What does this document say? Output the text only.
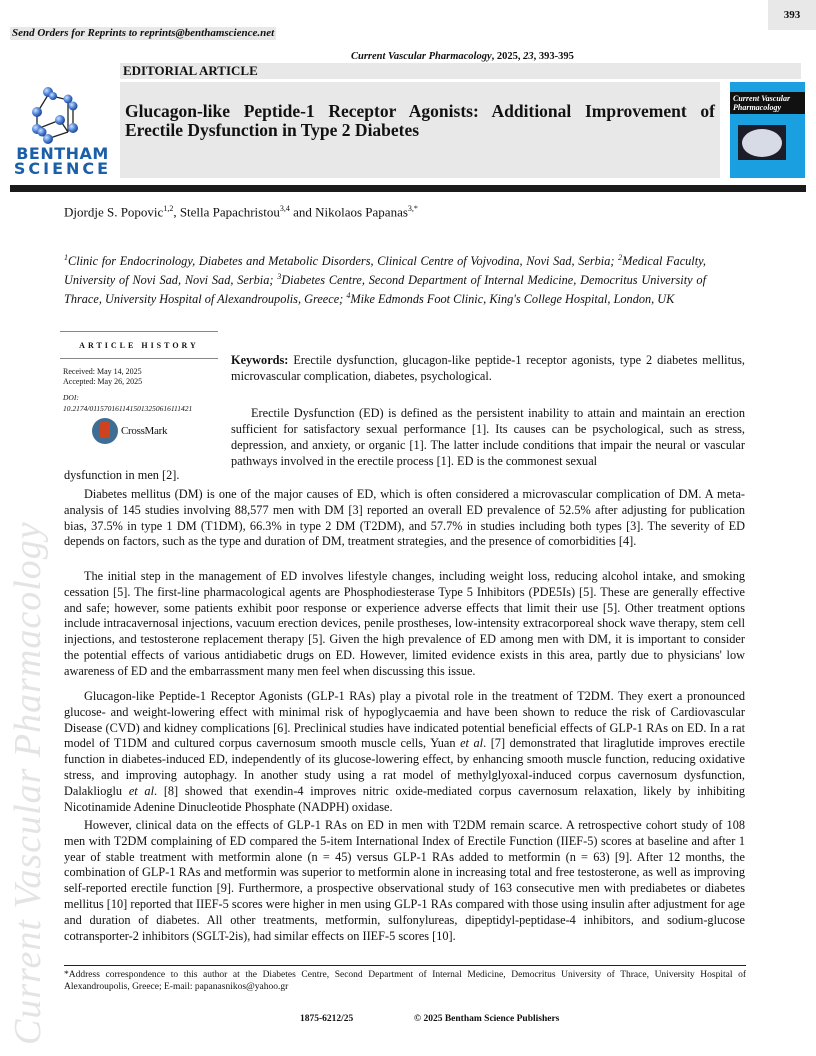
393
Send Orders for Reprints to reprints@benthamscience.net
Current Vascular Pharmacology, 2025, 23, 393-395
EDITORIAL ARTICLE
BENTHAM
SCIENCE
Glucagon-like Peptide-1 Receptor Agonists: Additional Improvement of Erectile Dysfunction in Type 2 Diabetes
Current Vascular Pharmacology
Djordje S. Popovic$^{1,2}$, Stella Papachristou$^{3,4}$ and Nikolaos Papanas$^{3,*}$
$^1$Clinic for Endocrinology, Diabetes and Metabolic Disorders, Clinical Centre of Vojvodina, Novi Sad, Serbia; $^2$Medical Faculty, University of Novi Sad, Novi Sad, Serbia; $^3$Diabetes Centre, Second Department of Internal Medicine, Democritus University of Thrace, University Hospital of Alexandroupolis, Greece; $^4$Mike Edmonds Foot Clinic, King's College Hospital, London, UK
ARTICLE HISTORY
Received: May 14, 2025
Accepted: May 26, 2025
DOI:
10.2174/0115701611415013250616111421
CrossMark
Keywords: Erectile dysfunction, glucagon-like peptide-1 receptor agonists, type 2 diabetes mellitus, microvascular complication, diabetes, psychological.
Erectile Dysfunction (ED) is defined as the persistent inability to attain and maintain an erection sufficient for satisfactory sexual performance [1]. Its causes can be psychological, such as stress, depression, and anxiety, or organic [1]. The latter include conditions that impair the neural or vascular pathways involved in the erectile process [1]. ED is the commonest sexual
dysfunction in men [2].

Diabetes mellitus (DM) is one of the major causes of ED, which is often considered a microvascular complication of DM. A meta-analysis of 145 studies involving 88,577 men with DM [3] reported an overall ED prevalence of 52.5% after adjusting for publication bias, 37.5% in type 1 DM (T1DM), 66.3% in type 2 DM (T2DM), and 57.7% in studies including both types [3]. The severity of ED depends on factors, such as the type and duration of DM, treatment strategies, and the presence of comorbidities [4].

The initial step in the management of ED involves lifestyle changes, including weight loss, reducing alcohol intake, and smoking cessation [5]. The first-line pharmacological agents are Phosphodiesterase Type 5 Inhibitors (PDE5Is) [5]. These are generally effective and safe; however, some patients exhibit poor response or experience adverse effects that limit their use [5]. Other treatment options include intracavernosal injections, vacuum erection devices, penile prostheses, low-intensity extracorporeal shock wave therapy, stem cell injections, and testosterone replacement therapy [5]. Given the high prevalence of ED among men with DM, it is important to consider the potential effects of various antidiabetic drugs on ED. However, limited evidence exists in this area, partly due to physicians' low awareness of ED and the embarrassment many men feel when discussing this issue.

Glucagon-like Peptide-1 Receptor Agonists (GLP-1 RAs) play a pivotal role in the treatment of T2DM. They exert a pronounced glucose- and weight-lowering effect with minimal risk of hypoglycaemia and have been shown to reduce the risk of Cardiovascular Disease (CVD) and kidney complications [6]. Preclinical studies have indicated potential beneficial effects of GLP-1 RAs on ED. In a rat model of T1DM and cultured corpus cavernosum smooth muscle cells, Yuan et al. [7] demonstrated that liraglutide improves erectile function in diabetes-induced ED, independently of its glucose-lowering effect, by enhancing smooth muscle function, reducing oxidative stress, and improving autophagy. In another study using a rat model of methylglyoxal-induced corpus cavernosum dysfunction, Dalaklioglu et al. [8] showed that exendin-4 improves nitric oxide-mediated corpus cavernosum relaxation, likely by inhibiting Nicotinamide Adenine Dinucleotide Phosphate (NADPH) oxidase.

However, clinical data on the effects of GLP-1 RAs on ED in men with T2DM remain scarce. A retrospective cohort study of 108 men with T2DM complaining of ED compared the 5-item International Index of Erectile Function (IIEF-5) scores at baseline and after 1 year of stable treatment with metformin alone (n = 45) versus GLP-1 RAs added to metformin (n = 63) [9]. After 12 months, the combination of GLP-1 RAs and metformin was superior to metformin alone in increasing total and free testosterone, as well as improving self-reported erectile function [9]. Furthermore, a prospective observational study of 163 consecutive men with prediabetes or diabetes mellitus [10] reported that IIEF-5 scores were higher in men using GLP-1 RAs compared with those using insulin after adjustment for age and duration of diabetes. All other treatments, metformin, sulfonylureas, dipeptidyl-peptidase-4 inhibitors, and sodium-glucose cotransporter-2 inhibitors (SGLT-2is), had similar effects on IIEF-5 scores [10].

Current Vascular Pharmacology *Address correspondence to this author at the Diabetes Centre, Second Department of Internal Medicine, Democritus University of Thrace, University Hospital of Alexandroupolis, Greece; E-mail: papanasnikos@yahoo.gr
1875-6212/25	© 2025 Bentham Science Publishers
